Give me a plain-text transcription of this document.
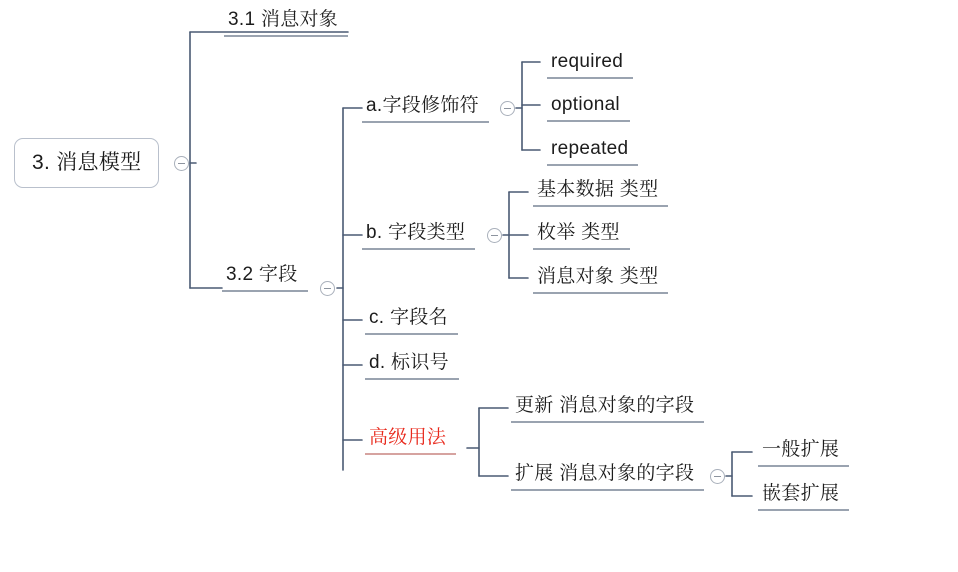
3. 消息模型
3.1 消息对象
3.2 字段
a.字段修饰符
required
optional
repeated
b. 字段类型
基本数据 类型
枚举 类型
消息对象 类型
c. 字段名
d. 标识号
高级用法
更新 消息对象的字段
扩展 消息对象的字段
一般扩展
嵌套扩展
